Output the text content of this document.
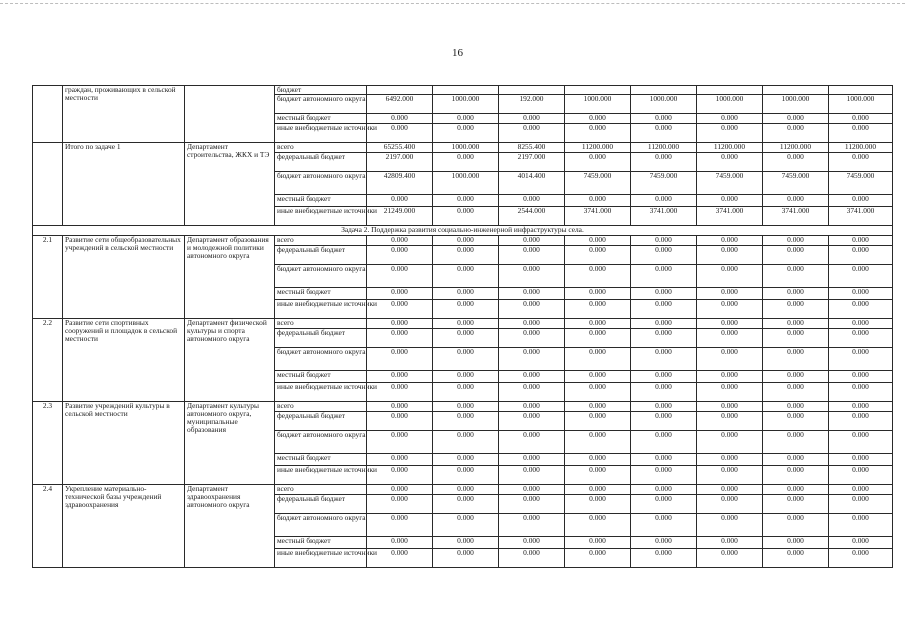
16
	граждан, проживающих в сельской местности		бюджет								
			бюджет автономного округа	6492.000	1000.000	192.000	1000.000	1000.000	1000.000	1000.000	1000.000
			местный бюджет	0.000	0.000	0.000	0.000	0.000	0.000	0.000	0.000
			иные внебюджетные источники	0.000	0.000	0.000	0.000	0.000	0.000	0.000	0.000
	Итого по задаче 1	Департамент строительства, ЖКХ и ТЭ	всего	65255.400	1000.000	8255.400	11200.000	11200.000	11200.000	11200.000	11200.000
			федеральный бюджет	2197.000	0.000	2197.000	0.000	0.000	0.000	0.000	0.000
			бюджет автономного округа	42809.400	1000.000	4014.400	7459.000	7459.000	7459.000	7459.000	7459.000
			местный бюджет	0.000	0.000	0.000	0.000	0.000	0.000	0.000	0.000
			иные внебюджетные источники	21249.000	0.000	2544.000	3741.000	3741.000	3741.000	3741.000	3741.000
Задача 2. Поддержка развития социально-инженерной инфраструктуры села.											
2.1	Развитие сети общеобразовательных учреждений в сельской местности	Департамент образования и молодежной политики автономного округа	всего	0.000	0.000	0.000	0.000	0.000	0.000	0.000	0.000
			федеральный бюджет	0.000	0.000	0.000	0.000	0.000	0.000	0.000	0.000
			бюджет автономного округа	0.000	0.000	0.000	0.000	0.000	0.000	0.000	0.000
			местный бюджет	0.000	0.000	0.000	0.000	0.000	0.000	0.000	0.000
			иные внебюджетные источники	0.000	0.000	0.000	0.000	0.000	0.000	0.000	0.000
2.2	Развитие сети спортивных сооружений и площадок в сельской местности	Департамент физической культуры и спорта автономного округа	всего	0.000	0.000	0.000	0.000	0.000	0.000	0.000	0.000
			федеральный бюджет	0.000	0.000	0.000	0.000	0.000	0.000	0.000	0.000
			бюджет автономного округа	0.000	0.000	0.000	0.000	0.000	0.000	0.000	0.000
			местный бюджет	0.000	0.000	0.000	0.000	0.000	0.000	0.000	0.000
			иные внебюджетные источники	0.000	0.000	0.000	0.000	0.000	0.000	0.000	0.000
2.3	Развитие учреждений культуры в сельской местности	Департамент культуры автономного округа, муниципальные образования	всего	0.000	0.000	0.000	0.000	0.000	0.000	0.000	0.000
			федеральный бюджет	0.000	0.000	0.000	0.000	0.000	0.000	0.000	0.000
			бюджет автономного округа	0.000	0.000	0.000	0.000	0.000	0.000	0.000	0.000
			местный бюджет	0.000	0.000	0.000	0.000	0.000	0.000	0.000	0.000
			иные внебюджетные источники	0.000	0.000	0.000	0.000	0.000	0.000	0.000	0.000
2.4	Укрепление материально-технической базы учреждений здравоохранения	Департамент здравоохранения автономного округа	всего	0.000	0.000	0.000	0.000	0.000	0.000	0.000	0.000
			федеральный бюджет	0.000	0.000	0.000	0.000	0.000	0.000	0.000	0.000
			бюджет автономного округа	0.000	0.000	0.000	0.000	0.000	0.000	0.000	0.000
			местный бюджет	0.000	0.000	0.000	0.000	0.000	0.000	0.000	0.000
			иные внебюджетные источники	0.000	0.000	0.000	0.000	0.000	0.000	0.000	0.000
